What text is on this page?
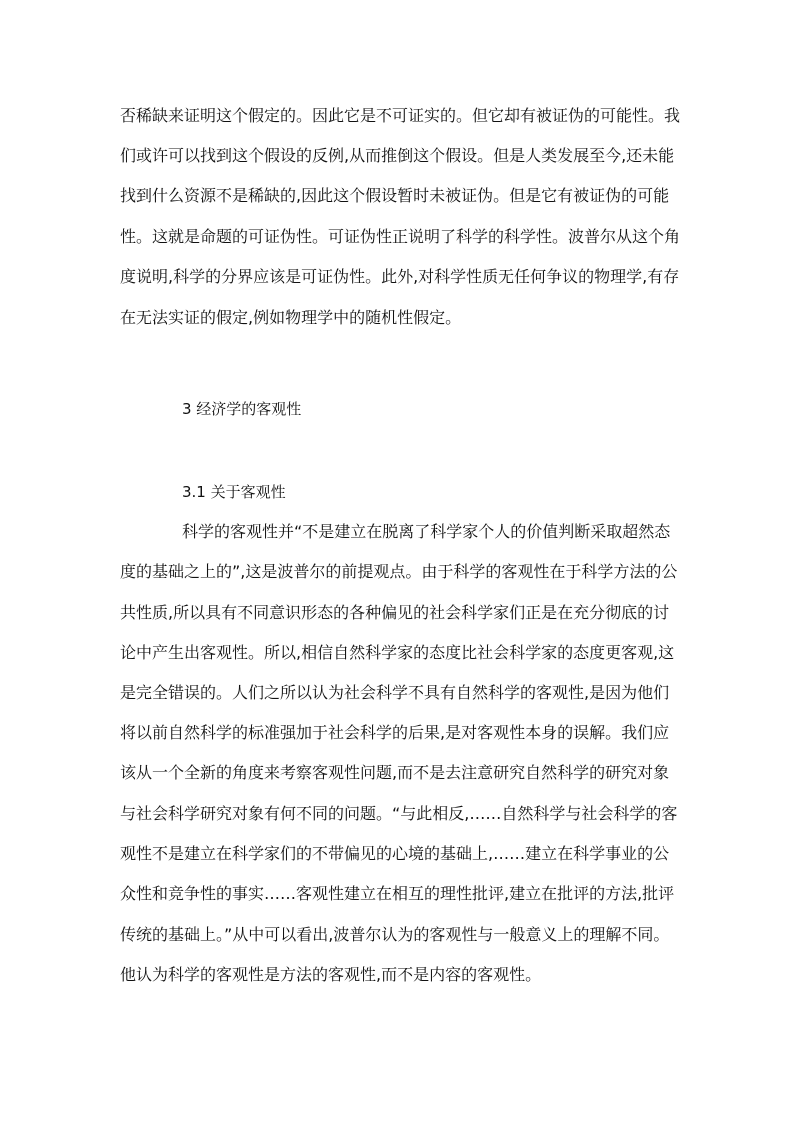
否稀缺来证明这个假定的。因此它是不可证实的。但它却有被证伪的可能性。我
们或许可以找到这个假设的反例,从而推倒这个假设。但是人类发展至今,还未能
找到什么资源不是稀缺的,因此这个假设暂时未被证伪。但是它有被证伪的可能
性。这就是命题的可证伪性。可证伪性正说明了科学的科学性。波普尔从这个角
度说明,科学的分界应该是可证伪性。此外,对科学性质无任何争议的物理学,有存
在无法实证的假定,例如物理学中的随机性假定。
3 经济学的客观性
3.1 关于客观性
科学的客观性并“不是建立在脱离了科学家个人的价值判断采取超然态
度的基础之上的”,这是波普尔的前提观点。由于科学的客观性在于科学方法的公
共性质,所以具有不同意识形态的各种偏见的社会科学家们正是在充分彻底的讨
论中产生出客观性。所以,相信自然科学家的态度比社会科学家的态度更客观,这
是完全错误的。人们之所以认为社会科学不具有自然科学的客观性,是因为他们
将以前自然科学的标准强加于社会科学的后果,是对客观性本身的误解。我们应
该从一个全新的角度来考察客观性问题,而不是去注意研究自然科学的研究对象
与社会科学研究对象有何不同的问题。“与此相反,……自然科学与社会科学的客
观性不是建立在科学家们的不带偏见的心境的基础上,……建立在科学事业的公
众性和竞争性的事实……客观性建立在相互的理性批评,建立在批评的方法,批评
传统的基础上。”从中可以看出,波普尔认为的客观性与一般意义上的理解不同。
他认为科学的客观性是方法的客观性,而不是内容的客观性。
